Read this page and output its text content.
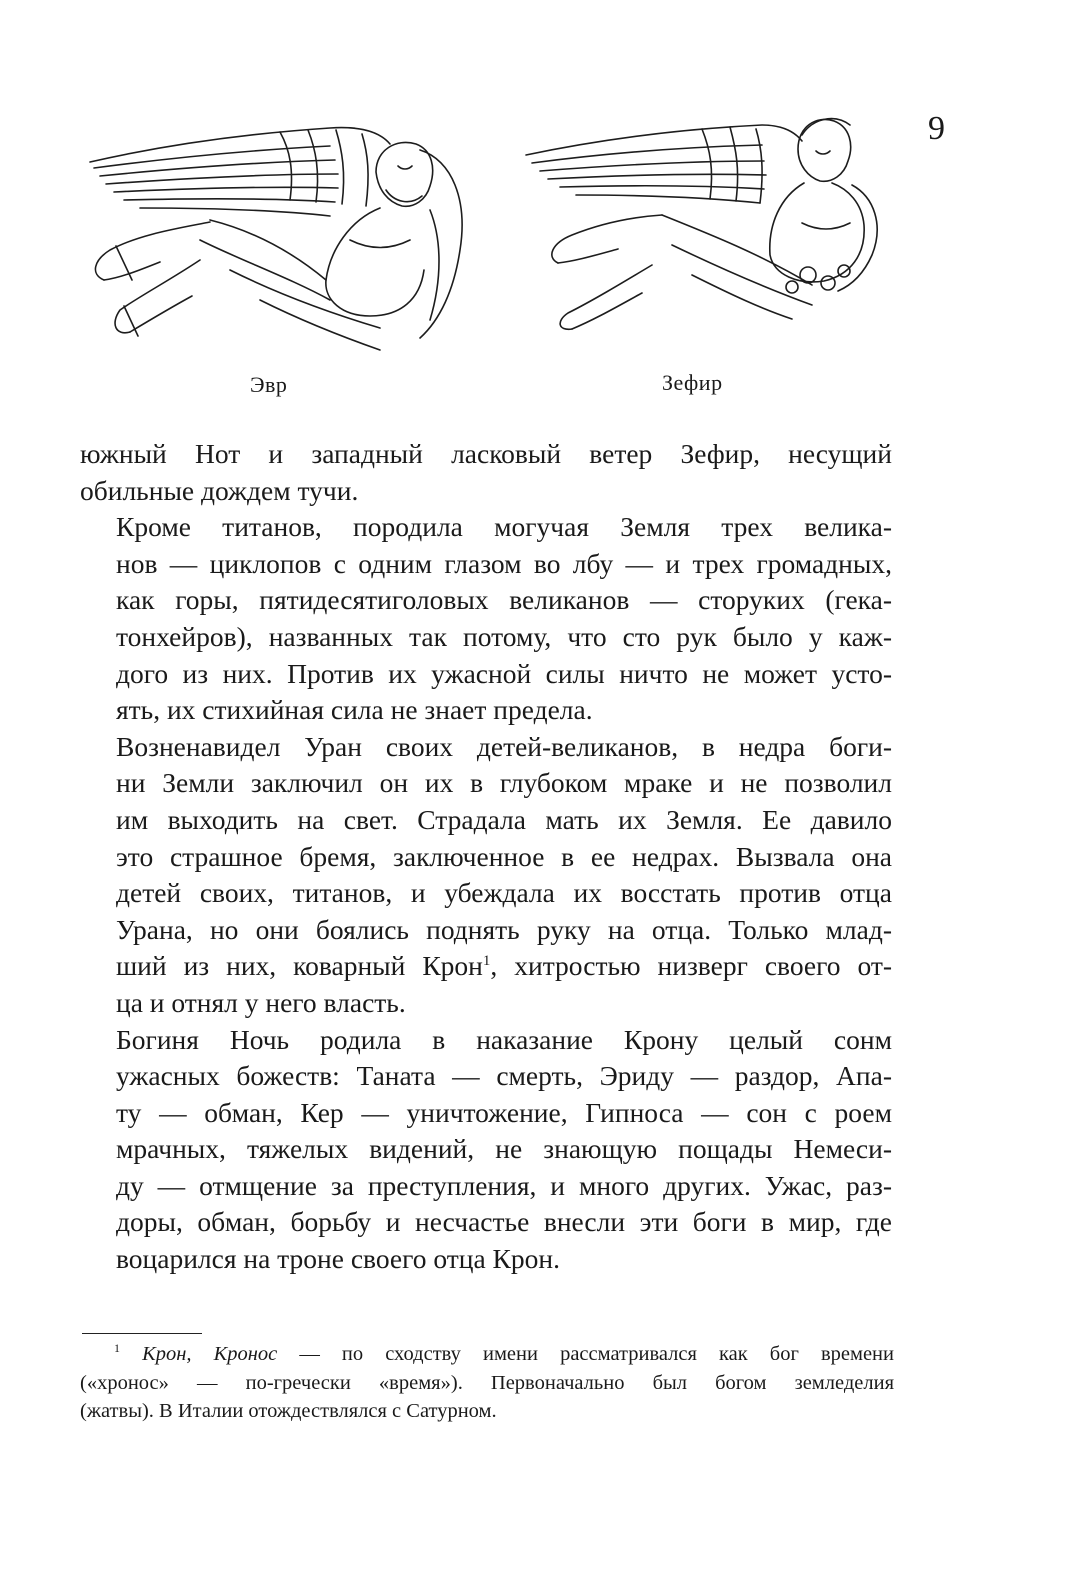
9
Эвр	Зефир

южный Нот и западный ласковый ветер Зефир, несущий
обильные дождем тучи.

Кроме титанов, породила могучая Земля трех велика-
нов — циклопов с одним глазом во лбу — и трех громадных,
как горы, пятидесятиголовых великанов — сторуких (гека-
тонхейров), названных так потому, что сто рук было у каж-
дого из них. Против их ужасной силы ничто не может усто-
ять, их стихийная сила не знает предела.

Возненавидел Уран своих детей-великанов, в недра боги-
ни Земли заключил он их в глубоком мраке и не позволил
им выходить на свет. Страдала мать их Земля. Ее давило
это страшное бремя, заключенное в ее недрах. Вызвала она
детей своих, титанов, и убеждала их восстать против отца
Урана, но они боялись поднять руку на отца. Только млад-
ший из них, коварный Крон$^1$, хитростью низверг своего от-
ца и отнял у него власть.

Богиня Ночь родила в наказание Крону целый сонм
ужасных божеств: Таната — смерть, Эриду — раздор, Апа-
ту — обман, Кер — уничтожение, Гипноса — сон с роем
мрачных, тяжелых видений, не знающую пощады Немеси-
ду — отмщение за преступления, и много других. Ужас, раз-
доры, обман, борьбу и несчастье внесли эти боги в мир, где
воцарился на троне своего отца Крон.

$^1$ Крон, Кронос — по сходству имени рассматривался как бог времени
(«хронос» — по-гречески «время»). Первоначально был богом земледелия
(жатвы). В Италии отождествлялся с Сатурном.
